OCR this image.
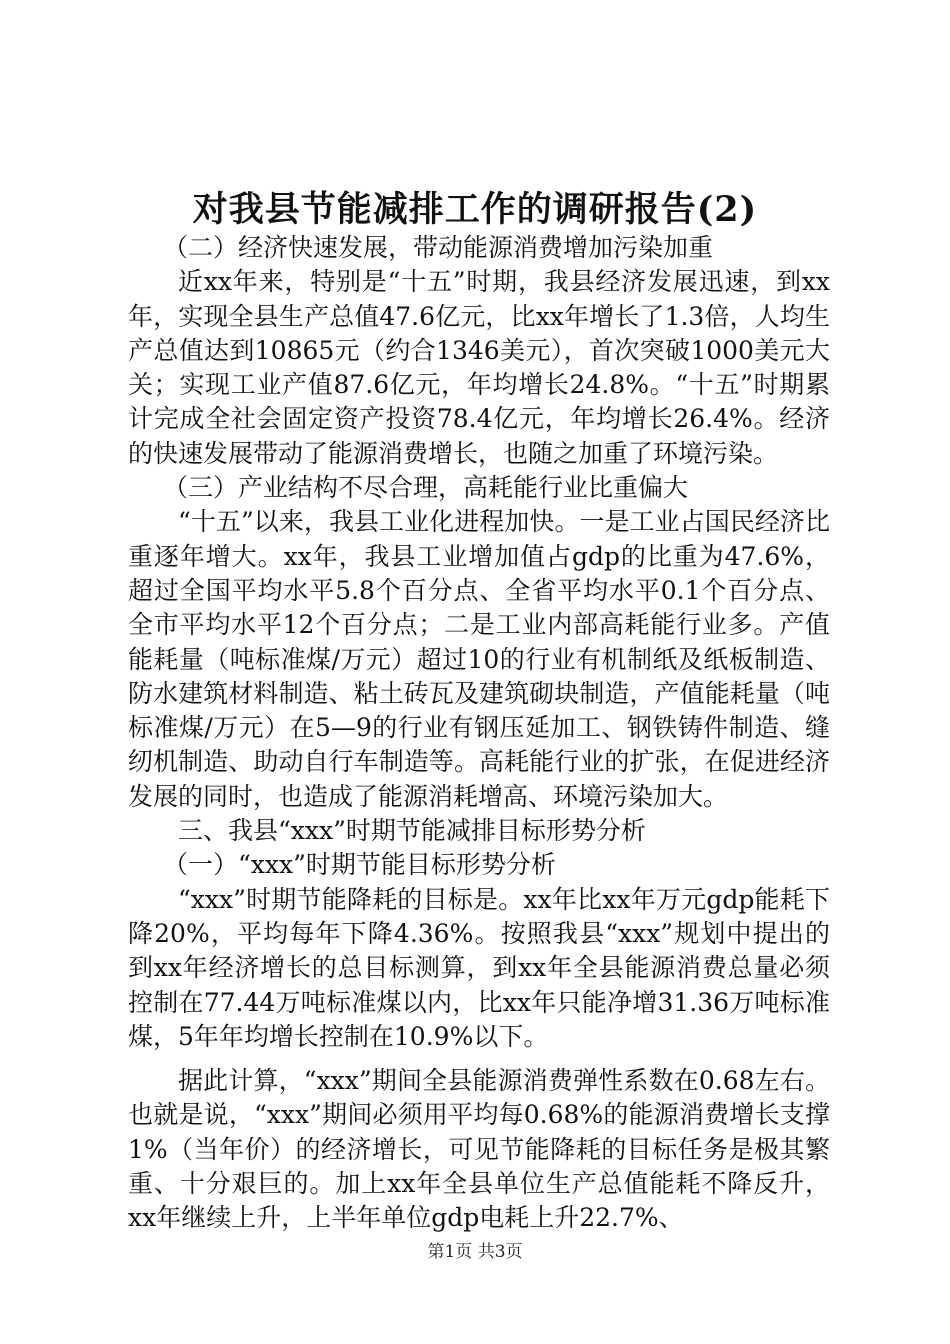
对我县节能减排工作的调研报告(2)

（二）经济快速发展，带动能源消费增加污染加重

近xx年来，特别是“十五”时期，我县经济发展迅速，到xx年，实现全县生产总值47.6亿元，比xx年增长了1.3倍，人均生产总值达到10865元（约合1346美元），首次突破1000美元大关；实现工业产值87.6亿元，年均增长24.8%。“十五”时期累计完成全社会固定资产投资78.4亿元，年均增长26.4%。经济的快速发展带动了能源消费增长，也随之加重了环境污染。

（三）产业结构不尽合理，高耗能行业比重偏大

“十五”以来，我县工业化进程加快。一是工业占国民经济比重逐年增大。xx年，我县工业增加值占gdp的比重为47.6%，超过全国平均水平5.8个百分点、全省平均水平0.1个百分点、全市平均水平12个百分点；二是工业内部高耗能行业多。产值能耗量（吨标准煤/万元）超过10的行业有机制纸及纸板制造、防水建筑材料制造、粘土砖瓦及建筑砌块制造，产值能耗量（吨标准煤/万元）在5—9的行业有钢压延加工、钢铁铸件制造、缝纫机制造、助动自行车制造等。高耗能行业的扩张，在促进经济发展的同时，也造成了能源消耗增高、环境污染加大。

三、我县“xxx”时期节能减排目标形势分析

（一）“xxx”时期节能目标形势分析

“xxx”时期节能降耗的目标是。xx年比xx年万元gdp能耗下降20%，平均每年下降4.36%。按照我县“xxx”规划中提出的到xx年经济增长的总目标测算，到xx年全县能源消费总量必须控制在77.44万吨标准煤以内，比xx年只能净增31.36万吨标准煤，5年年均增长控制在10.9%以下。

据此计算，“xxx”期间全县能源消费弹性系数在0.68左右。也就是说，“xxx”期间必须用平均每0.68%的能源消费增长支撑1%（当年价）的经济增长，可见节能降耗的目标任务是极其繁重、十分艰巨的。加上xx年全县单位生产总值能耗不降反升，xx年继续上升，上半年单位gdp电耗上升22.7%、

第1页 共3页
